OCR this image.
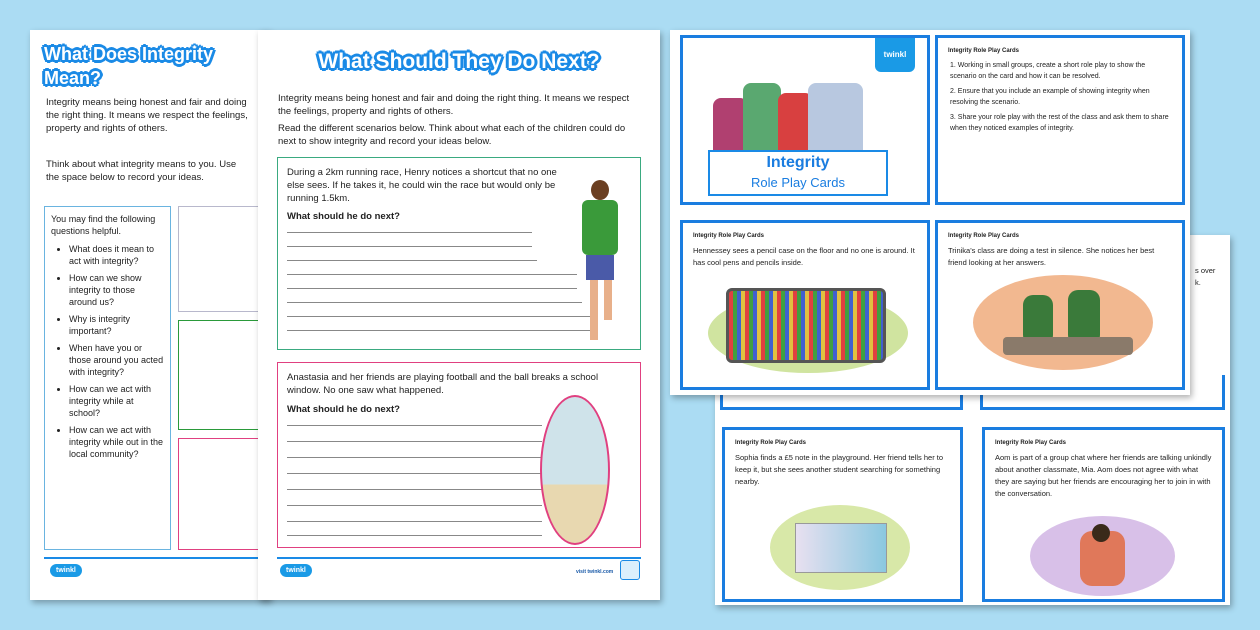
What Does Integrity Mean?
Integrity means being honest and fair and doing the right thing. It means we respect the feelings, property and rights of others.
Think about what integrity means to you. Use the space below to record your ideas.
You may find the following questions helpful.
• What does it mean to act with integrity?
• How can we show integrity to those around us?
• Why is integrity important?
• When have you or those around you acted with integrity?
• How can we act with integrity while at school?
• How can we act with integrity while out in the local community?
twinkl
What Should They Do Next?
Integrity means being honest and fair and doing the right thing. It means we respect the feelings, property and rights of others.
Read the different scenarios below. Think about what each of the children could do next to show integrity and record your ideas below.
During a 2km running race, Henry notices a shortcut that no one else sees. If he takes it, he could win the race but would only be running 1.5km.
What should he do next?
Anastasia and her friends are playing football and the ball breaks a school window. No one saw what happened.
What should he do next?
twinkl	visit twinkl.com
s over
k.
Integrity Role Play Cards
Sophia finds a £5 note in the playground. Her friend tells her to keep it, but she sees another student searching for something nearby.
Integrity Role Play Cards
Aom is part of a group chat where her friends are talking unkindly about another classmate, Mia. Aom does not agree with what they are saying but her friends are encouraging her to join in with the conversation.
twinkl
Integrity
Role Play Cards
Integrity Role Play Cards
1. Working in small groups, create a short role play to show the scenario on the card and how it can be resolved.
2. Ensure that you include an example of showing integrity when resolving the scenario.
3. Share your role play with the rest of the class and ask them to share when they noticed examples of integrity.
Integrity Role Play Cards
Hennessey sees a pencil case on the floor and no one is around. It has cool pens and pencils inside.
Integrity Role Play Cards
Trinika's class are doing a test in silence. She notices her best friend looking at her answers.
